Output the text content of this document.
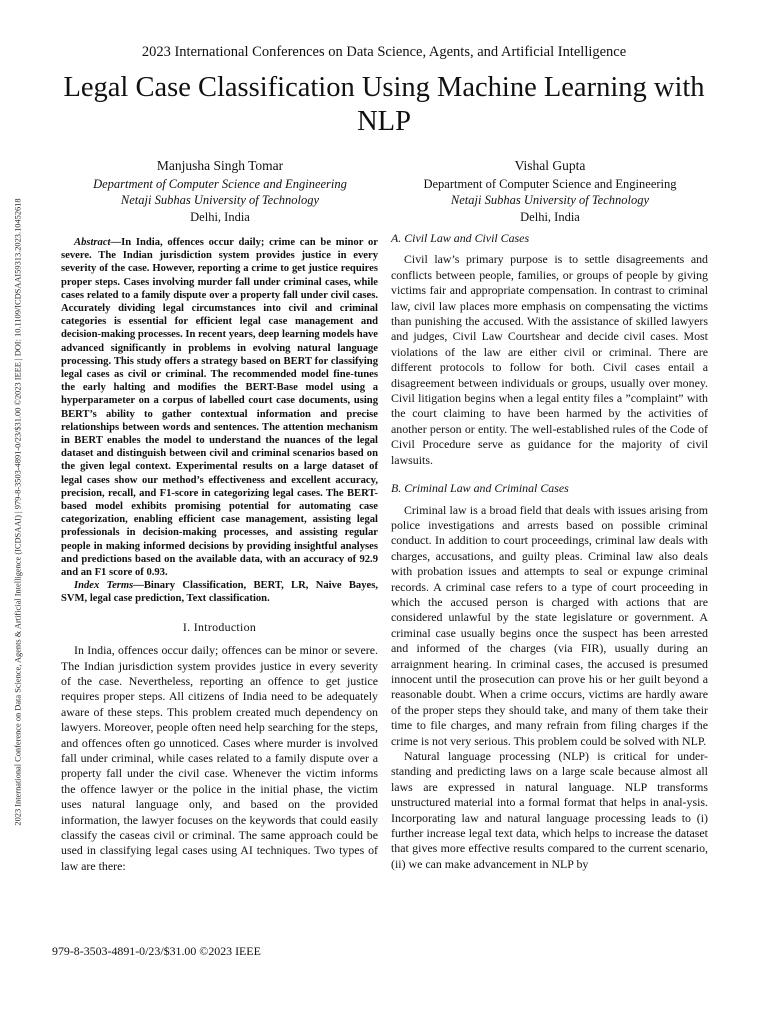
2023 International Conference on Data Science, Agents & Artificial Intelligence (ICDSAAI) | 979-8-3503-4891-0/23/$31.00 ©2023 IEEE | DOI: 10.1109/ICDSAAI59313.2023.10452618
2023 International Conferences on Data Science, Agents, and Artificial Intelligence
Legal Case Classification Using Machine Learning with NLP
Manjusha Singh Tomar
Department of Computer Science and Engineering
Netaji Subhas University of Technology
Delhi, India
Vishal Gupta
Department of Computer Science and Engineering
Netaji Subhas University of Technology
Delhi, India

Abstract—In India, offences occur daily; crime can be minor or severe. The Indian jurisdiction system provides justice in every severity of the case. However, reporting a crime to get justice requires proper steps. Cases involving murder fall under criminal cases, while cases related to a family dispute over a property fall under civil cases. Accurately dividing legal circumstances into civil and criminal categories is essential for efficient legal case management and decision-making processes. In recent years, deep learning models have advanced significantly in problems in evolving natural language processing. This study offers a strategy based on BERT for classifying legal cases as civil or criminal. The recommended model fine-tunes the early halting and modifies the BERT-Base model using a hyperparameter on a corpus of labelled court case documents, using BERT’s ability to gather contextual information and precise relationships between words and sentences. The attention mechanism in BERT enables the model to understand the nuances of the legal dataset and distinguish between civil and criminal scenarios based on the given legal context. Experimental results on a large dataset of legal cases show our method’s effectiveness and excellent accuracy, precision, recall, and F1-score in categorizing legal cases. The BERT-based model exhibits promising potential for automating case categorization, enabling efficient case management, assisting legal professionals in decision-making processes, and assisting regular people in making informed decisions by providing insightful analyses and predictions based on the available data, with an accuracy of 92.9 and an F1 score of 0.93.

Index Terms—Binary Classification, BERT, LR, Naive Bayes, SVM, legal case prediction, Text classification.

I. Introduction

In India, offences occur daily; offences can be minor or severe. The Indian jurisdiction system provides justice in every severity of the case. Nevertheless, reporting an offence to get justice requires proper steps. All citizens of India need to be adequately aware of these steps. This problem created much dependency on lawyers. Moreover, people often need help searching for the steps, and offences often go unnoticed. Cases where murder is involved fall under criminal, while cases related to a family dispute over a property fall under the civil case. Whenever the victim informs the offence lawyer or the police in the initial phase, the victim uses natural language only, and based on the provided information, the lawyer focuses on the keywords that could easily classify the caseas civil or criminal. The same approach could be used in classifying legal cases using AI techniques. Two types of law are there:

A. Civil Law and Civil Cases

Civil law’s primary purpose is to settle disagreements and conflicts between people, families, or groups of people by giving victims fair and appropriate compensation. In contrast to criminal law, civil law places more emphasis on compensating the victims than punishing the accused. With the assistance of skilled lawyers and judges, Civil Law Courtshear and decide civil cases. Most violations of the law are either civil or criminal. There are different protocols to follow for both. Civil cases entail a disagreement between individuals or groups, usually over money. Civil litigation begins when a legal entity files a ”complaint” with the court claiming to have been harmed by the activities of another person or entity. The well-established rules of the Code of Civil Procedure serve as guidance for the majority of civil lawsuits.

B. Criminal Law and Criminal Cases

Criminal law is a broad field that deals with issues arising from police investigations and arrests based on possible criminal conduct. In addition to court proceedings, criminal law deals with charges, accusations, and guilty pleas. Criminal law also deals with probation issues and attempts to seal or expunge criminal records. A criminal case refers to a type of court proceeding in which the accused person is charged with actions that are considered unlawful by the state legislature or government. A criminal case usually begins once the suspect has been arrested and informed of the charges (via FIR), usually during an arraignment hearing. In criminal cases, the accused is presumed innocent until the prosecution can prove his or her guilt beyond a reasonable doubt. When a crime occurs, victims are hardly aware of the proper steps they should take, and many of them take their time to file charges, and many refrain from filing charges if the crime is not very serious. This problem could be solved with NLP.

Natural language processing (NLP) is critical for under-standing and predicting laws on a large scale because almost all laws are expressed in natural language. NLP transforms unstructured material into a formal format that helps in anal-ysis. Incorporating law and natural language processing leads to (i) further increase legal text data, which helps to increase the dataset that gives more effective results compared to the current scenario, (ii) we can make advancement in NLP by

979-8-3503-4891-0/23/$31.00 ©2023 IEEE
